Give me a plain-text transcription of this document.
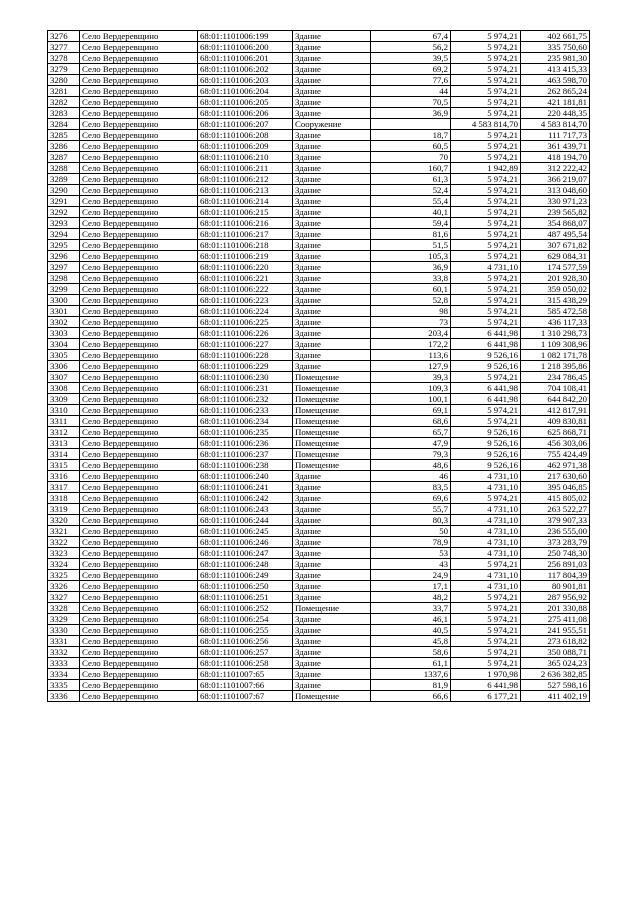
3276	Село Вердеревщино	68:01:1101006:199	Здание	67,4	5 974,21	402 661,75
3277	Село Вердеревщино	68:01:1101006:200	Здание	56,2	5 974,21	335 750,60
3278	Село Вердеревщино	68:01:1101006:201	Здание	39,5	5 974,21	235 981,30
3279	Село Вердеревщино	68:01:1101006:202	Здание	69,2	5 974,21	413 415,33
3280	Село Вердеревщино	68:01:1101006:203	Здание	77,6	5 974,21	463 598,70
3281	Село Вердеревщино	68:01:1101006:204	Здание	44	5 974,21	262 865,24
3282	Село Вердеревщино	68:01:1101006:205	Здание	70,5	5 974,21	421 181,81
3283	Село Вердеревщино	68:01:1101006:206	Здание	36,9	5 974,21	220 448,35
3284	Село Вердеревщино	68:01:1101006:207	Сооружение		4 583 814,70	4 583 814,70
3285	Село Вердеревщино	68:01:1101006:208	Здание	18,7	5 974,21	111 717,73
3286	Село Вердеревщино	68:01:1101006:209	Здание	60,5	5 974,21	361 439,71
3287	Село Вердеревщино	68:01:1101006:210	Здание	70	5 974,21	418 194,70
3288	Село Вердеревщино	68:01:1101006:211	Здание	160,7	1 942,89	312 222,42
3289	Село Вердеревщино	68:01:1101006:212	Здание	61,3	5 974,21	366 219,07
3290	Село Вердеревщино	68:01:1101006:213	Здание	52,4	5 974,21	313 048,60
3291	Село Вердеревщино	68:01:1101006:214	Здание	55,4	5 974,21	330 971,23
3292	Село Вердеревщино	68:01:1101006:215	Здание	40,1	5 974,21	239 565,82
3293	Село Вердеревщино	68:01:1101006:216	Здание	59,4	5 974,21	354 868,07
3294	Село Вердеревщино	68:01:1101006:217	Здание	81,6	5 974,21	487 495,54
3295	Село Вердеревщино	68:01:1101006:218	Здание	51,5	5 974,21	307 671,82
3296	Село Вердеревщино	68:01:1101006:219	Здание	105,3	5 974,21	629 084,31
3297	Село Вердеревщино	68:01:1101006:220	Здание	36,9	4 731,10	174 577,59
3298	Село Вердеревщино	68:01:1101006:221	Здание	33,8	5 974,21	201 928,30
3299	Село Вердеревщино	68:01:1101006:222	Здание	60,1	5 974,21	359 050,02
3300	Село Вердеревщино	68:01:1101006:223	Здание	52,8	5 974,21	315 438,29
3301	Село Вердеревщино	68:01:1101006:224	Здание	98	5 974,21	585 472,58
3302	Село Вердеревщино	68:01:1101006:225	Здание	73	5 974,21	436 117,33
3303	Село Вердеревщино	68:01:1101006:226	Здание	203,4	6 441,98	1 310 298,73
3304	Село Вердеревщино	68:01:1101006:227	Здание	172,2	6 441,98	1 109 308,96
3305	Село Вердеревщино	68:01:1101006:228	Здание	113,6	9 526,16	1 082 171,78
3306	Село Вердеревщино	68:01:1101006:229	Здание	127,9	9 526,16	1 218 395,86
3307	Село Вердеревщино	68:01:1101006:230	Помещение	39,3	5 974,21	234 786,45
3308	Село Вердеревщино	68:01:1101006:231	Помещение	109,3	6 441,98	704 108,41
3309	Село Вердеревщино	68:01:1101006:232	Помещение	100,1	6 441,98	644 842,20
3310	Село Вердеревщино	68:01:1101006:233	Помещение	69,1	5 974,21	412 817,91
3311	Село Вердеревщино	68:01:1101006:234	Помещение	68,6	5 974,21	409 830,81
3312	Село Вердеревщино	68:01:1101006:235	Помещение	65,7	9 526,16	625 868,71
3313	Село Вердеревщино	68:01:1101006:236	Помещение	47,9	9 526,16	456 303,06
3314	Село Вердеревщино	68:01:1101006:237	Помещение	79,3	9 526,16	755 424,49
3315	Село Вердеревщино	68:01:1101006:238	Помещение	48,6	9 526,16	462 971,38
3316	Село Вердеревщино	68:01:1101006:240	Здание	46	4 731,10	217 630,60
3317	Село Вердеревщино	68:01:1101006:241	Здание	83,5	4 731,10	395 046,85
3318	Село Вердеревщино	68:01:1101006:242	Здание	69,6	5 974,21	415 805,02
3319	Село Вердеревщино	68:01:1101006:243	Здание	55,7	4 731,10	263 522,27
3320	Село Вердеревщино	68:01:1101006:244	Здание	80,3	4 731,10	379 907,33
3321	Село Вердеревщино	68:01:1101006:245	Здание	50	4 731,10	236 555,00
3322	Село Вердеревщино	68:01:1101006:246	Здание	78,9	4 731,10	373 283,79
3323	Село Вердеревщино	68:01:1101006:247	Здание	53	4 731,10	250 748,30
3324	Село Вердеревщино	68:01:1101006:248	Здание	43	5 974,21	256 891,03
3325	Село Вердеревщино	68:01:1101006:249	Здание	24,9	4 731,10	117 804,39
3326	Село Вердеревщино	68:01:1101006:250	Здание	17,1	4 731,10	80 901,81
3327	Село Вердеревщино	68:01:1101006:251	Здание	48,2	5 974,21	287 956,92
3328	Село Вердеревщино	68:01:1101006:252	Помещение	33,7	5 974,21	201 330,88
3329	Село Вердеревщино	68:01:1101006:254	Здание	46,1	5 974,21	275 411,08
3330	Село Вердеревщино	68:01:1101006:255	Здание	40,5	5 974,21	241 955,51
3331	Село Вердеревщино	68:01:1101006:256	Здание	45,8	5 974,21	273 618,82
3332	Село Вердеревщино	68:01:1101006:257	Здание	58,6	5 974,21	350 088,71
3333	Село Вердеревщино	68:01:1101006:258	Здание	61,1	5 974,21	365 024,23
3334	Село Вердеревщино	68:01:1101007:65	Здание	1337,6	1 970,98	2 636 382,85
3335	Село Вердеревщино	68:01:1101007:66	Здание	81,9	6 441,98	527 598,16
3336	Село Вердеревщино	68:01:1101007:67	Помещение	66,6	6 177,21	411 402,19
